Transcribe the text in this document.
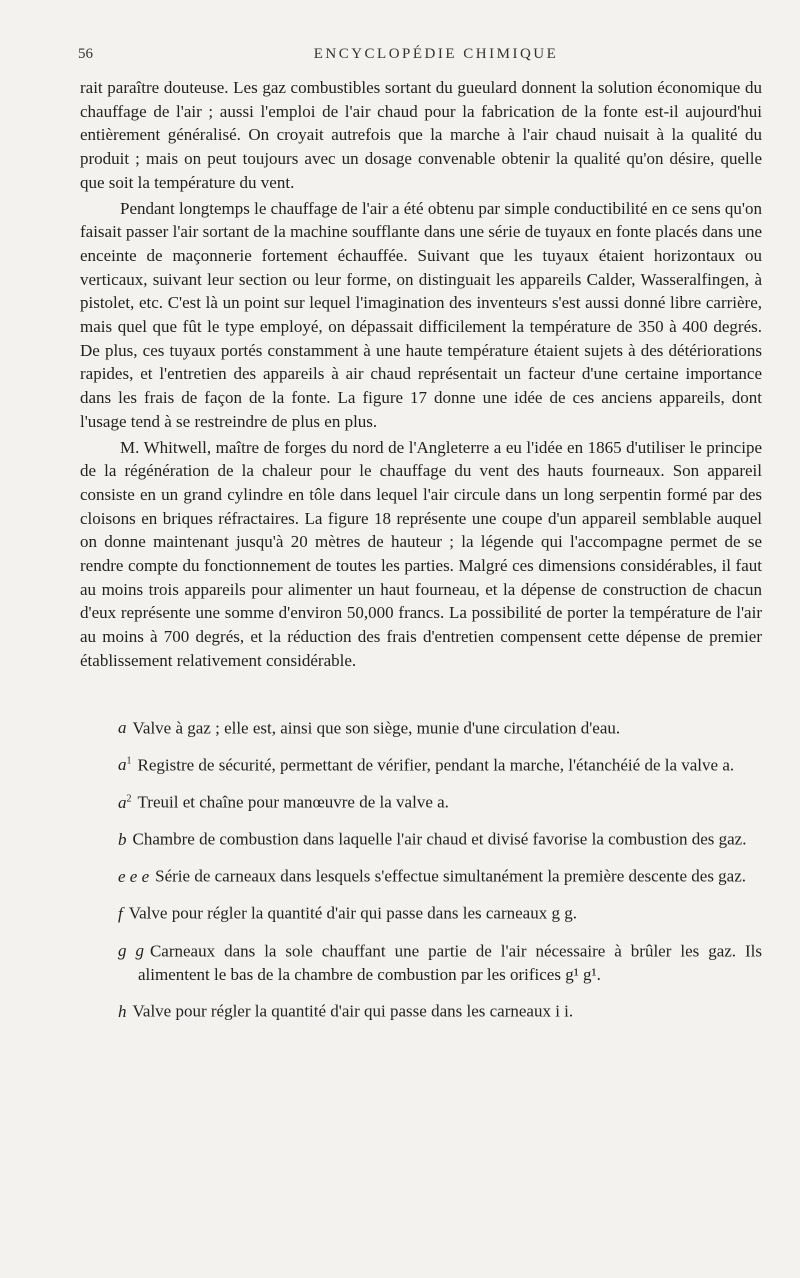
56	ENCYCLOPÉDIE CHIMIQUE

rait paraître douteuse. Les gaz combustibles sortant du gueulard donnent la solution économique du chauffage de l'air ; aussi l'emploi de l'air chaud pour la fabrication de la fonte est-il aujourd'hui entièrement généralisé. On croyait autrefois que la marche à l'air chaud nuisait à la qualité du produit ; mais on peut toujours avec un dosage convenable obtenir la qualité qu'on désire, quelle que soit la température du vent.

Pendant longtemps le chauffage de l'air a été obtenu par simple conductibilité en ce sens qu'on faisait passer l'air sortant de la machine soufflante dans une série de tuyaux en fonte placés dans une enceinte de maçonnerie fortement échauffée. Suivant que les tuyaux étaient horizontaux ou verticaux, suivant leur section ou leur forme, on distinguait les appareils Calder, Wasseralfingen, à pistolet, etc. C'est là un point sur lequel l'imagination des inventeurs s'est aussi donné libre carrière, mais quel que fût le type employé, on dépassait difficilement la température de 350 à 400 degrés. De plus, ces tuyaux portés constamment à une haute température étaient sujets à des détériorations rapides, et l'entretien des appareils à air chaud représentait un facteur d'une certaine importance dans les frais de façon de la fonte. La figure 17 donne une idée de ces anciens appareils, dont l'usage tend à se restreindre de plus en plus.

M. Whitwell, maître de forges du nord de l'Angleterre a eu l'idée en 1865 d'utiliser le principe de la régénération de la chaleur pour le chauffage du vent des hauts fourneaux. Son appareil consiste en un grand cylindre en tôle dans lequel l'air circule dans un long serpentin formé par des cloisons en briques réfractaires. La figure 18 représente une coupe d'un appareil semblable auquel on donne maintenant jusqu'à 20 mètres de hauteur ; la légende qui l'accompagne permet de se rendre compte du fonctionnement de toutes les parties. Malgré ces dimensions considérables, il faut au moins trois appareils pour alimenter un haut fourneau, et la dépense de construction de chacun d'eux représente une somme d'environ 50,000 francs. La possibilité de porter la température de l'air au moins à 700 degrés, et la réduction des frais d'entretien compensent cette dépense de premier établissement relativement considérable.

a Valve à gaz ; elle est, ainsi que son siège, munie d'une circulation d'eau.
$a^1$ Registre de sécurité, permettant de vérifier, pendant la marche, l'étanchéié de la valve a.
$a^2$ Treuil et chaîne pour manœuvre de la valve a.
b Chambre de combustion dans laquelle l'air chaud et divisé favorise la combustion des gaz.
e e e Série de carneaux dans lesquels s'effectue simultanément la première descente des gaz.
f Valve pour régler la quantité d'air qui passe dans les carneaux g g.
g g Carneaux dans la sole chauffant une partie de l'air nécessaire à brûler les gaz. Ils alimentent le bas de la chambre de combustion par les orifices g¹ g¹.
h Valve pour régler la quantité d'air qui passe dans les carneaux i i.
